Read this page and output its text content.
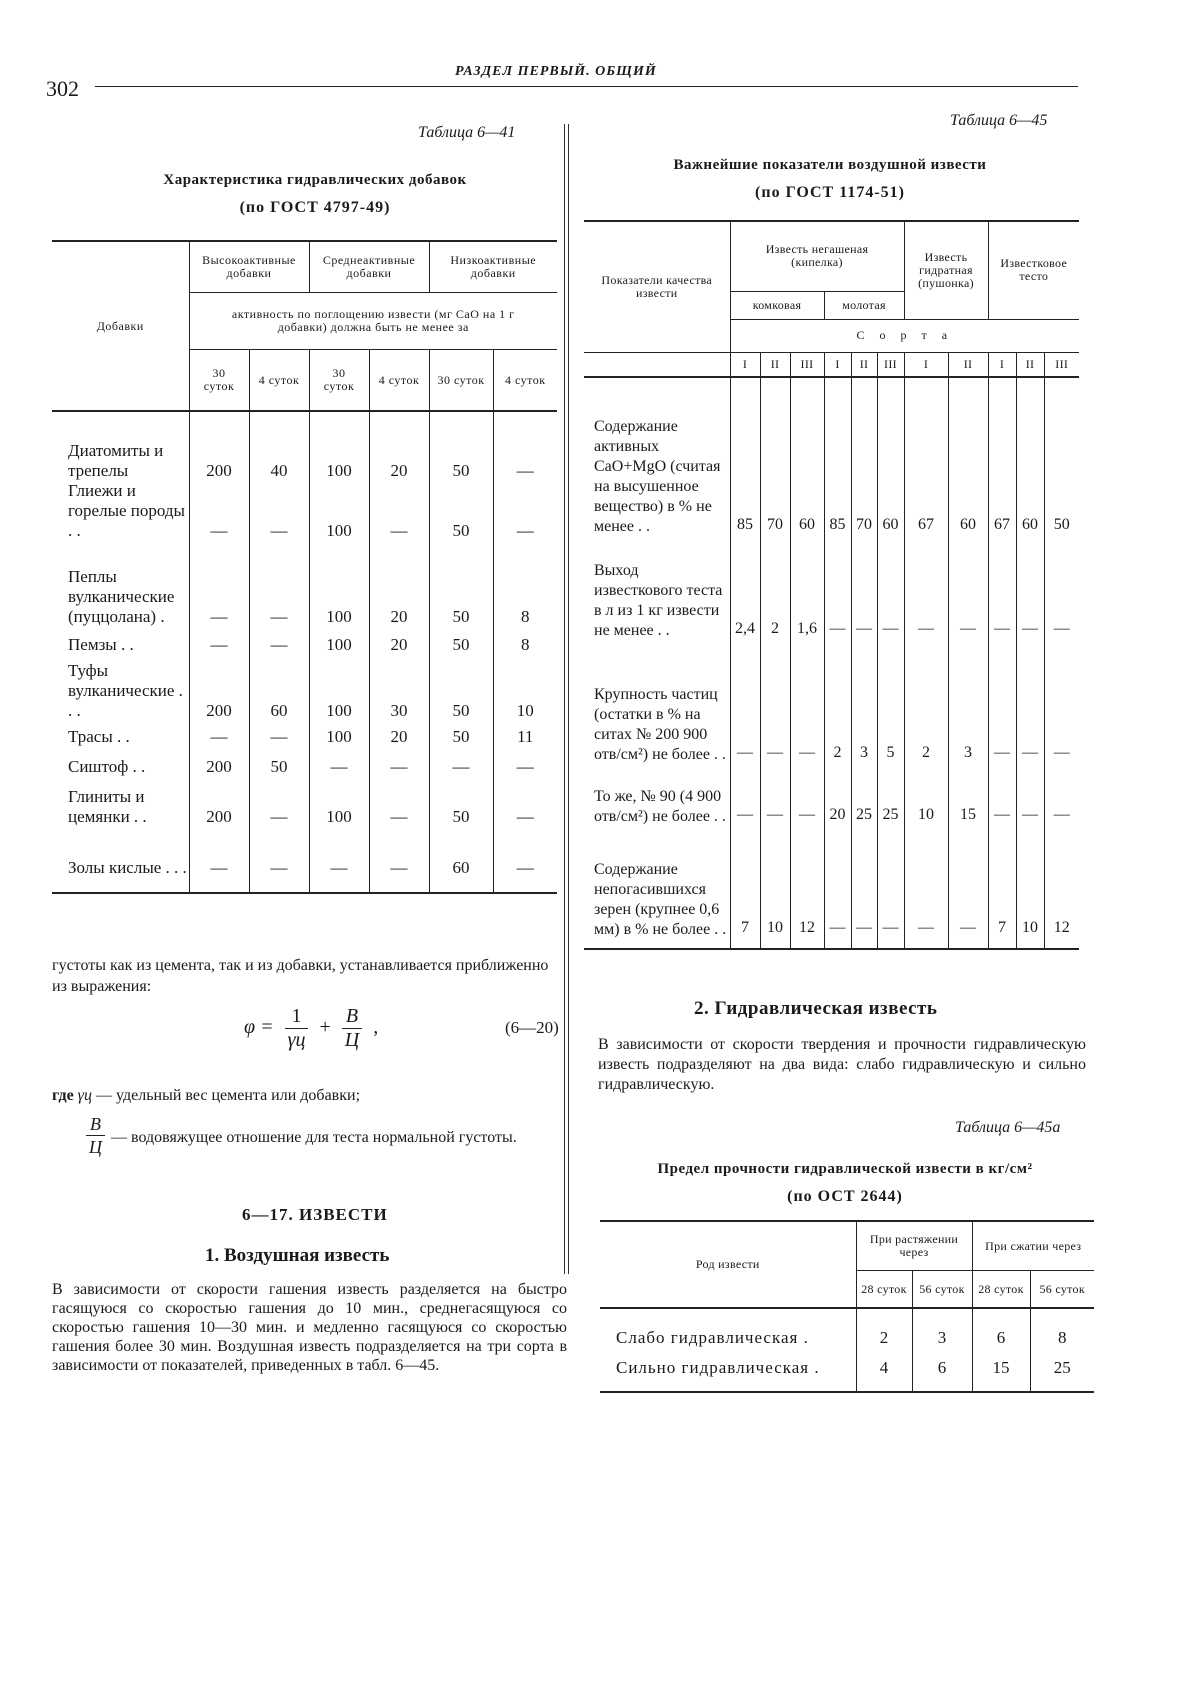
302
РАЗДЕЛ ПЕРВЫЙ. ОБЩИЙ
Таблица 6—41
Характеристика гидравлических добавок
(по ГОСТ 4797-49)
Добавки	Высокоактивные добавки		Среднеактивные добавки		Низкоактивные добавки	
	активность по поглощению извести (мг CaO на 1 г добавки) должна быть не менее за					
	30 суток	4 суток	30 суток	4 суток	30 суток	4 суток

Диатомиты и трепелы	200	40	100	20	50	—
Глиежи и горелые породы . .	—	—	100	—	50	—
Пеплы вулканические (пуццолана) .	—	—	100	20	50	8
Пемзы . .	—	—	100	20	50	8
Туфы вулканические . . .	200	60	100	30	50	10
Трасы . .	—	—	100	20	50	11
Сиштоф . .	200	50	—	—	—	—
Глиниты и цемянки . .	200	—	100	—	50	—
Золы кислые . . .	—	—	—	—	60	—
густоты как из цемента, так и из добавки, устанавливается приближенно из выражения:
$\varphi = \frac{1}{\gamma ц} + \frac{В}{Ц}$ ,	(6—20)
где γц — удельный вес цемента или добавки;
$\frac{В}{Ц}$ — водовяжущее отношение для теста нормальной густоты.
6—17. ИЗВЕСТИ
1. Воздушная известь
В зависимости от скорости гашения известь разделяется на быстро гасящуюся со скоростью гашения до 10 мин., среднегасящуюся со скоростью гашения 10—30 мин. и медленно гасящуюся со скоростью гашения более 30 мин. Воздушная известь подразделяется на три сорта в зависимости от показателей, приведенных в табл. 6—45.
Таблица 6—45
Важнейшие показатели воздушной извести
(по ГОСТ 1174-51)
Показатели качества извести	Известь негашеная (кипелка)						Известь гидратная (пушонка)		Известковое тесто		
	комковая			молотая							
	С о р т а										
	I	II	III	I	II	III	I	II	I	II	III
Содержание активных CaO+MgO (считая на высушенное вещество) в % не менее . .	85	70	60	85	70	60	67	60	67	60	50
Выход известкового теста в л из 1 кг извести не менее . .	2,4	2	1,6	—	—	—	—	—	—	—	—
Крупность частиц (остатки в % на ситах № 200 900 отв/см²) не более . .	—	—	—	2	3	5	2	3	—	—	—
То же, № 90 (4 900 отв/см²) не более . .	—	—	—	20	25	25	10	15	—	—	—
Содержание непогасившихся зерен (крупнее 0,6 мм) в % не более . .	7	10	12	—	—	—	—	—	7	10	12
2. Гидравлическая известь
В зависимости от скорости твердения и прочности гидравлическую известь подразделяют на два вида: слабо гидравлическую и сильно гидравлическую.
Таблица 6—45а
Предел прочности гидравлической извести в кг/см²
(по ОСТ 2644)
Род извести	При растяжении через		При сжатии через	
	28 суток	56 суток	28 суток	56 суток
Слабо гидравлическая .	2	3	6	8
Сильно гидравлическая .	4	6	15	25
